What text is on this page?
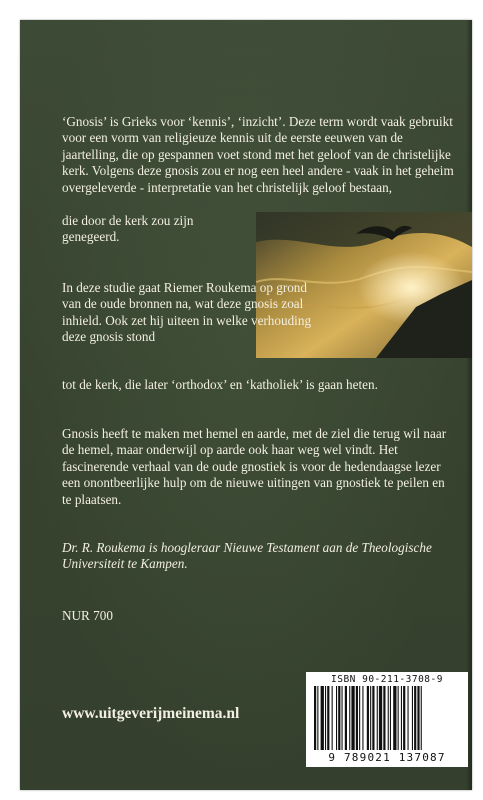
‘Gnosis’ is Grieks voor ‘kennis’, ‘inzicht’. Deze term wordt vaak gebruikt voor een vorm van religieuze kennis uit de eerste eeuwen van de jaartelling, die op gespannen voet stond met het geloof van de christelijke kerk. Volgens deze gnosis zou er nog een heel andere - vaak in het geheim overgeleverde - interpretatie van het christelijk geloof bestaan,
die door de kerk zou zijn genegeerd.
In deze studie gaat Riemer Roukema op grond van de oude bronnen na, wat deze gnosis zoal inhield. Ook zet hij uiteen in welke verhouding deze gnosis stond
tot de kerk, die later ‘orthodox’ en ‘katholiek’ is gaan heten.
Gnosis heeft te maken met hemel en aarde, met de ziel die terug wil naar de hemel, maar onderwijl op aarde ook haar weg wel vindt. Het fascinerende verhaal van de oude gnostiek is voor de hedendaagse lezer een onontbeerlijke hulp om de nieuwe uitingen van gnostiek te peilen en te plaatsen.
Dr. R. Roukema is hoogleraar Nieuwe Testament aan de Theologische Universiteit te Kampen.
NUR 700
www.uitgeverijmeinema.nl
ISBN 90-211-3708-9
9 789021 137087
